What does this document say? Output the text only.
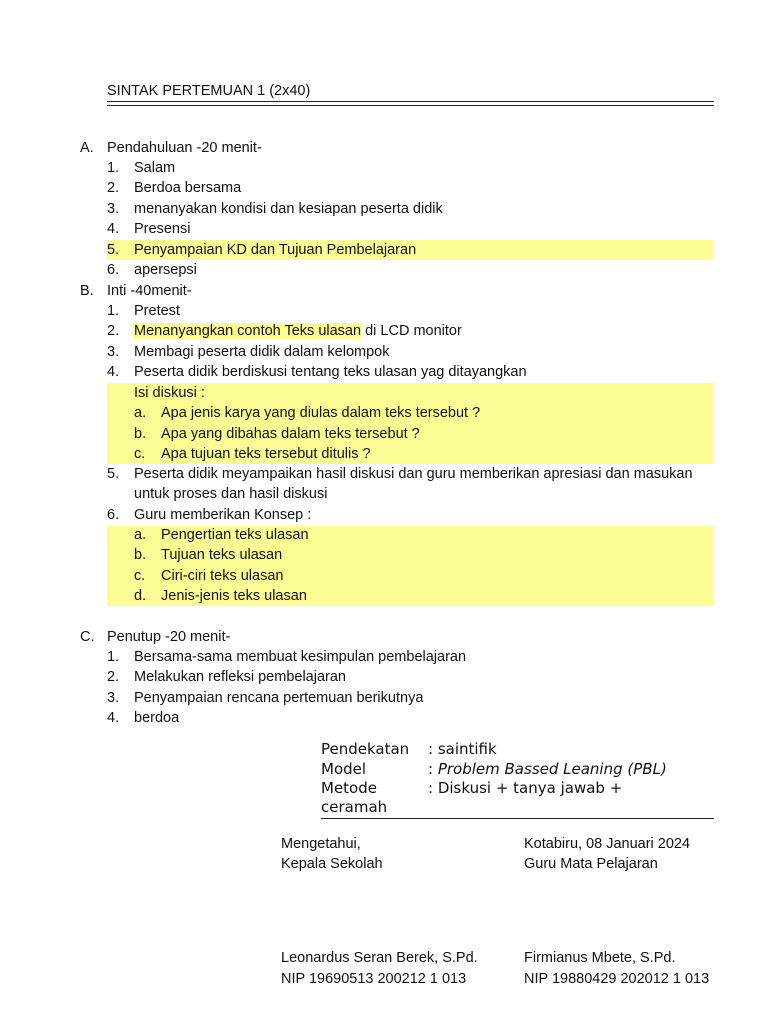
SINTAK PERTEMUAN 1 (2x40)
A. Pendahuluan -20 menit-
1. Salam
2. Berdoa bersama
3. menanyakan kondisi dan kesiapan peserta didik
4. Presensi
5. Penyampaian KD dan Tujuan Pembelajaran
6. apersepsi
B. Inti -40menit-
1. Pretest
2. Menanyangkan contoh Teks ulasan di LCD monitor
3. Membagi peserta didik dalam kelompok
4. Peserta didik berdiskusi tentang teks ulasan yag ditayangkan
Isi diskusi :
a. Apa jenis karya yang diulas dalam teks tersebut ?
b. Apa yang dibahas dalam teks tersebut ?
c. Apa tujuan teks tersebut ditulis ?
5. Peserta didik meyampaikan hasil diskusi dan guru memberikan apresiasi dan masukan
untuk proses dan hasil diskusi
6. Guru memberikan Konsep :
a. Pengertian teks ulasan
b. Tujuan teks ulasan
c. Ciri-ciri teks ulasan
d. Jenis-jenis teks ulasan
C. Penutup -20 menit-
1. Bersama-sama membuat kesimpulan pembelajaran
2. Melakukan refleksi pembelajaran
3. Penyampaian rencana pertemuan berikutnya
4. berdoa
Pendekatan : saintifik
Model	: Problem Bassed Leaning (PBL)
Metode	: Diskusi + tanya jawab +
ceramah
Mengetahui,
Kepala Sekolah
Kotabiru, 08 Januari 2024
Guru Mata Pelajaran
Leonardus Seran Berek, S.Pd.
NIP 19690513 200212 1 013
Firmianus Mbete, S.Pd.
NIP 19880429 202012 1 013
